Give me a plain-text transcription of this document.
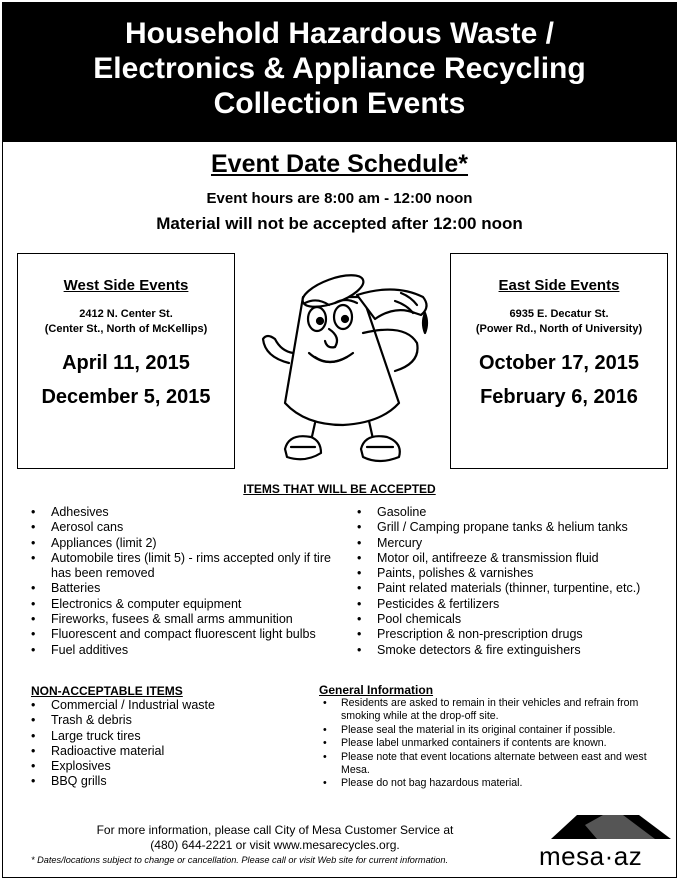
Household Hazardous Waste /
Electronics & Appliance Recycling
Collection Events
Event Date Schedule*
Event hours are 8:00 am - 12:00 noon
Material will not be accepted after 12:00 noon
West Side Events
2412 N. Center St.
(Center St., North of McKellips)
April 11, 2015
December 5, 2015
East Side Events
6935 E. Decatur St.
(Power Rd., North of University)
October 17, 2015
February 6, 2016
ITEMS THAT WILL BE ACCEPTED
• Adhesives
• Aerosol cans
• Appliances (limit 2)
• Automobile tires (limit 5) - rims accepted only if tire has been removed
• Batteries
• Electronics & computer equipment
• Fireworks, fusees & small arms ammunition
• Fluorescent and compact fluorescent light bulbs
• Fuel additives
• Gasoline
• Grill / Camping propane tanks & helium tanks
• Mercury
• Motor oil, antifreeze & transmission fluid
• Paints, polishes & varnishes
• Paint related materials (thinner, turpentine, etc.)
• Pesticides & fertilizers
• Pool chemicals
• Prescription & non-prescription drugs
• Smoke detectors & fire extinguishers
NON-ACCEPTABLE ITEMS
• Commercial / Industrial waste
• Trash & debris
• Large truck tires
• Radioactive material
• Explosives
• BBQ grills
General Information
• Residents are asked to remain in their vehicles and refrain from smoking while at the drop-off site.
• Please seal the material in its original container if possible.
• Please label unmarked containers if contents are known.
• Please note that event locations alternate between east and west Mesa.
• Please do not bag hazardous material.
For more information, please call City of Mesa Customer Service at
(480) 644-2221 or visit www.mesarecycles.org.
* Dates/locations subject to change or cancellation. Please call or visit Web site for current information.	mesa·az
